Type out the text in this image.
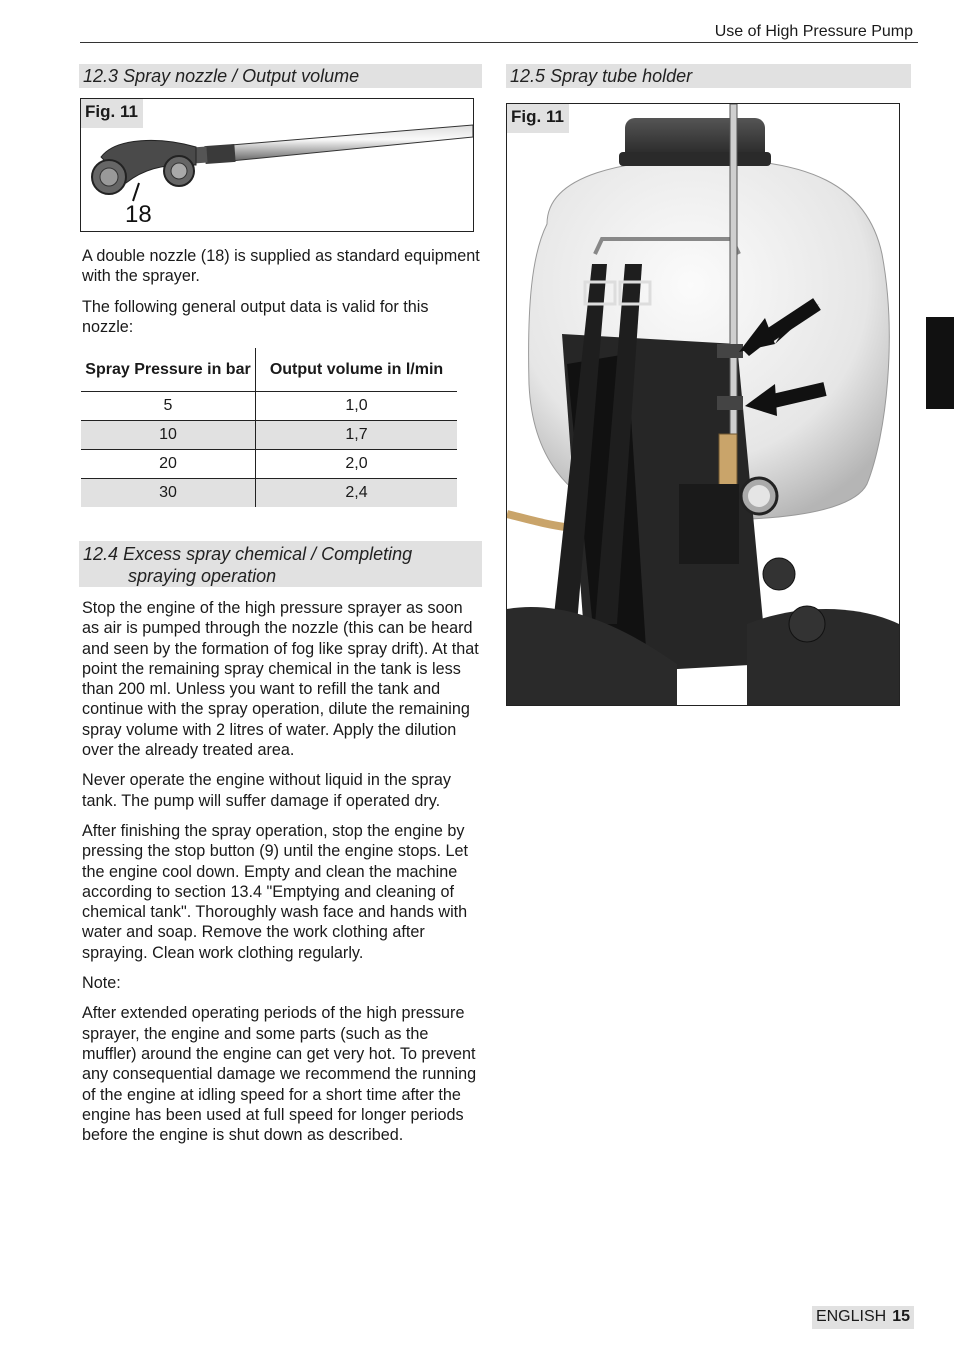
Use of High Pressure Pump
12.3 Spray nozzle / Output volume
Fig. 11
18

A double nozzle (18) is supplied as standard equipment with the sprayer.

The following general output data is valid for this nozzle:

Spray Pressure in bar	Output volume in l/min
5	1,0
10	1,7
20	2,0
30	2,4
12.4 Excess spray chemical / Completing
spraying operation

Stop the engine of the high pressure sprayer as soon as air is pumped through the nozzle (this can be heard and seen by the formation of fog like spray drift). At that point the remaining spray chemical in the tank is less than 200 ml. Unless you want to refill the tank and continue with the spray operation, dilute the remaining spray volume with 2 litres of water. Apply the dilution over the already treated area.

Never operate the engine without liquid in the spray tank. The pump will suffer damage if operated dry.

After finishing the spray operation, stop the engine by pressing the stop button (9) until the engine stops. Let the engine cool down. Empty and clean the machine according to section 13.4 "Emptying and cleaning of chemical tank". Thoroughly wash face and hands with water and soap. Remove the work clothing after spraying. Clean work clothing regularly.

Note:

After extended operating periods of the high pressure sprayer, the engine and some parts (such as the muffler) around the engine can get very hot. To prevent any consequential damage we recommend the running of the engine at idling speed for a short time after the engine has been used at full speed for longer periods before the engine is shut down as described.

12.5 Spray tube holder
Fig. 11
ENGLISH 15
